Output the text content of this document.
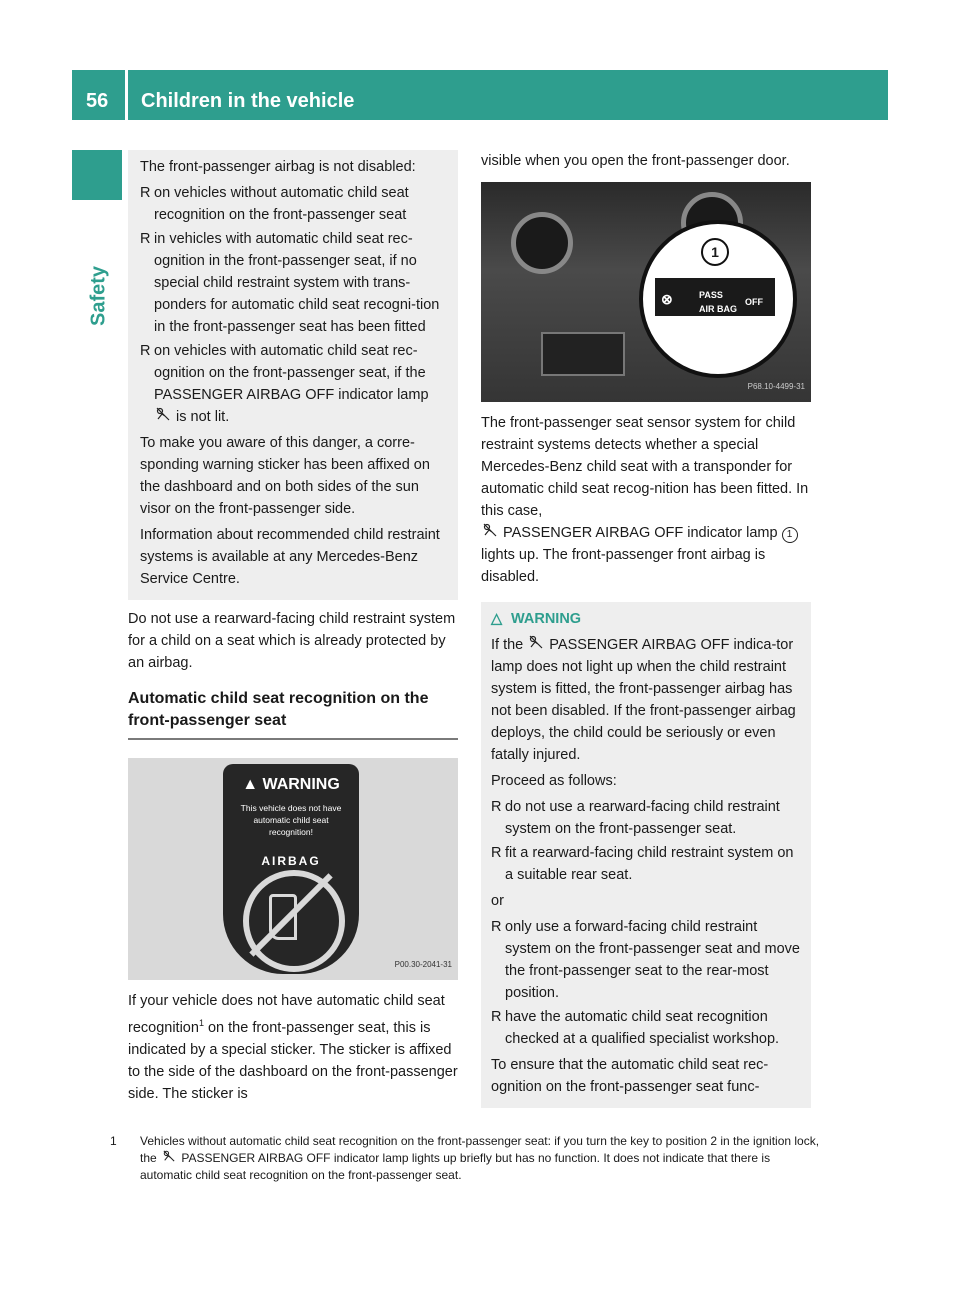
56 Children in the vehicle
Safety

The front-passenger airbag is not disabled:

R on vehicles without automatic child seat recognition on the front-passenger seat
R in vehicles with automatic child seat rec-ognition in the front-passenger seat, if no special child restraint system with trans-ponders for automatic child seat recogni-tion in the front-passenger seat has been fitted
R on vehicles with automatic child seat rec-ognition on the front-passenger seat, if the PASSENGER AIRBAG OFF indicator lamp
is not lit.

To make you aware of this danger, a corre-sponding warning sticker has been affixed on the dashboard and on both sides of the sun visor on the front-passenger side.

Information about recommended child restraint systems is available at any Mercedes-Benz Service Centre.

Do not use a rearward-facing child restraint system for a child on a seat which is already protected by an airbag.

Automatic child seat recognition on the front-passenger seat
▲ WARNING
This vehicle does not have automatic child seat recognition!
AIRBAG
P00.30-2041-31

If your vehicle does not have automatic child seat recognition$^1$ on the front-passenger seat, this is indicated by a special sticker. The sticker is affixed to the side of the dashboard on the front-passenger side. The sticker is

visible when you open the front-passenger door.

1
⊗	PASS
AIR BAG
OFF
P68.10-4499-31

The front-passenger seat sensor system for child restraint systems detects whether a special Mercedes-Benz child seat with a transponder for automatic child seat recog-nition has been fitted. In this case,
PASSENGER AIRBAG OFF indicator lamp 1
lights up. The front-passenger front airbag is disabled.

△ WARNING

If the  PASSENGER AIRBAG OFF indica-tor lamp does not light up when the child restraint system is fitted, the front-passenger airbag has not been disabled. If the front-passenger airbag deploys, the child could be seriously or even fatally injured.

Proceed as follows:

R do not use a rearward-facing child restraint system on the front-passenger seat.
R fit a rearward-facing child restraint system on a suitable rear seat.

or

R only use a forward-facing child restraint system on the front-passenger seat and move the front-passenger seat to the rear-most position.
R have the automatic child seat recognition checked at a qualified specialist workshop.

To ensure that the automatic child seat rec-ognition on the front-passenger seat func-

1 Vehicles without automatic child seat recognition on the front-passenger seat: if you turn the key to position 2 in the ignition lock, the  PASSENGER AIRBAG OFF indicator lamp lights up briefly but has no function. It does not indicate that there is automatic child seat recognition on the front-passenger seat.
